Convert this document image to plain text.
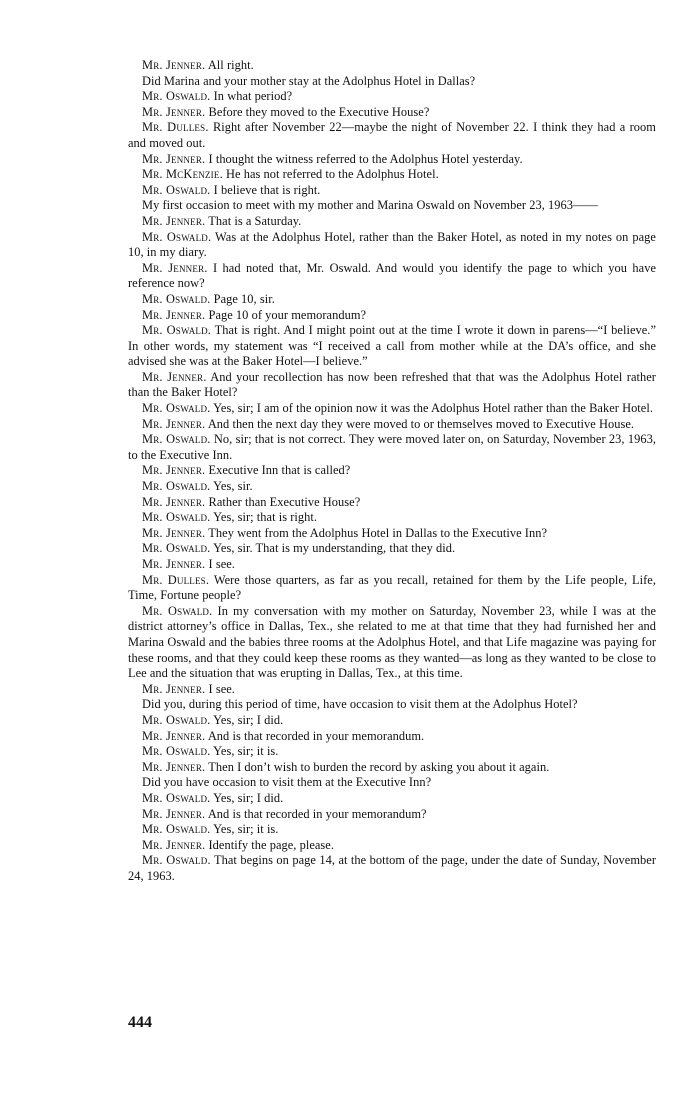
Mr. Jenner. All right.

Did Marina and your mother stay at the Adolphus Hotel in Dallas?

Mr. Oswald. In what period?

Mr. Jenner. Before they moved to the Executive House?

Mr. Dulles. Right after November 22—maybe the night of November 22. I think they had a room and moved out.

Mr. Jenner. I thought the witness referred to the Adolphus Hotel yesterday.

Mr. McKenzie. He has not referred to the Adolphus Hotel.

Mr. Oswald. I believe that is right.

My first occasion to meet with my mother and Marina Oswald on November 23, 1963——

Mr. Jenner. That is a Saturday.

Mr. Oswald. Was at the Adolphus Hotel, rather than the Baker Hotel, as noted in my notes on page 10, in my diary.

Mr. Jenner. I had noted that, Mr. Oswald. And would you identify the page to which you have reference now?

Mr. Oswald. Page 10, sir.

Mr. Jenner. Page 10 of your memorandum?

Mr. Oswald. That is right. And I might point out at the time I wrote it down in parens—“I believe.” In other words, my statement was “I received a call from mother while at the DA’s office, and she advised she was at the Baker Hotel—I believe.”

Mr. Jenner. And your recollection has now been refreshed that that was the Adolphus Hotel rather than the Baker Hotel?

Mr. Oswald. Yes, sir; I am of the opinion now it was the Adolphus Hotel rather than the Baker Hotel.

Mr. Jenner. And then the next day they were moved to or themselves moved to Executive House.

Mr. Oswald. No, sir; that is not correct. They were moved later on, on Saturday, November 23, 1963, to the Executive Inn.

Mr. Jenner. Executive Inn that is called?

Mr. Oswald. Yes, sir.

Mr. Jenner. Rather than Executive House?

Mr. Oswald. Yes, sir; that is right.

Mr. Jenner. They went from the Adolphus Hotel in Dallas to the Executive Inn?

Mr. Oswald. Yes, sir. That is my understanding, that they did.

Mr. Jenner. I see.

Mr. Dulles. Were those quarters, as far as you recall, retained for them by the Life people, Life, Time, Fortune people?

Mr. Oswald. In my conversation with my mother on Saturday, November 23, while I was at the district attorney’s office in Dallas, Tex., she related to me at that time that they had furnished her and Marina Oswald and the babies three rooms at the Adolphus Hotel, and that Life magazine was paying for these rooms, and that they could keep these rooms as they wanted—as long as they wanted to be close to Lee and the situation that was erupting in Dallas, Tex., at this time.

Mr. Jenner. I see.

Did you, during this period of time, have occasion to visit them at the Adolphus Hotel?

Mr. Oswald. Yes, sir; I did.

Mr. Jenner. And is that recorded in your memorandum.

Mr. Oswald. Yes, sir; it is.

Mr. Jenner. Then I don’t wish to burden the record by asking you about it again.

Did you have occasion to visit them at the Executive Inn?

Mr. Oswald. Yes, sir; I did.

Mr. Jenner. And is that recorded in your memorandum?

Mr. Oswald. Yes, sir; it is.

Mr. Jenner. Identify the page, please.

Mr. Oswald. That begins on page 14, at the bottom of the page, under the date of Sunday, November 24, 1963.

444
